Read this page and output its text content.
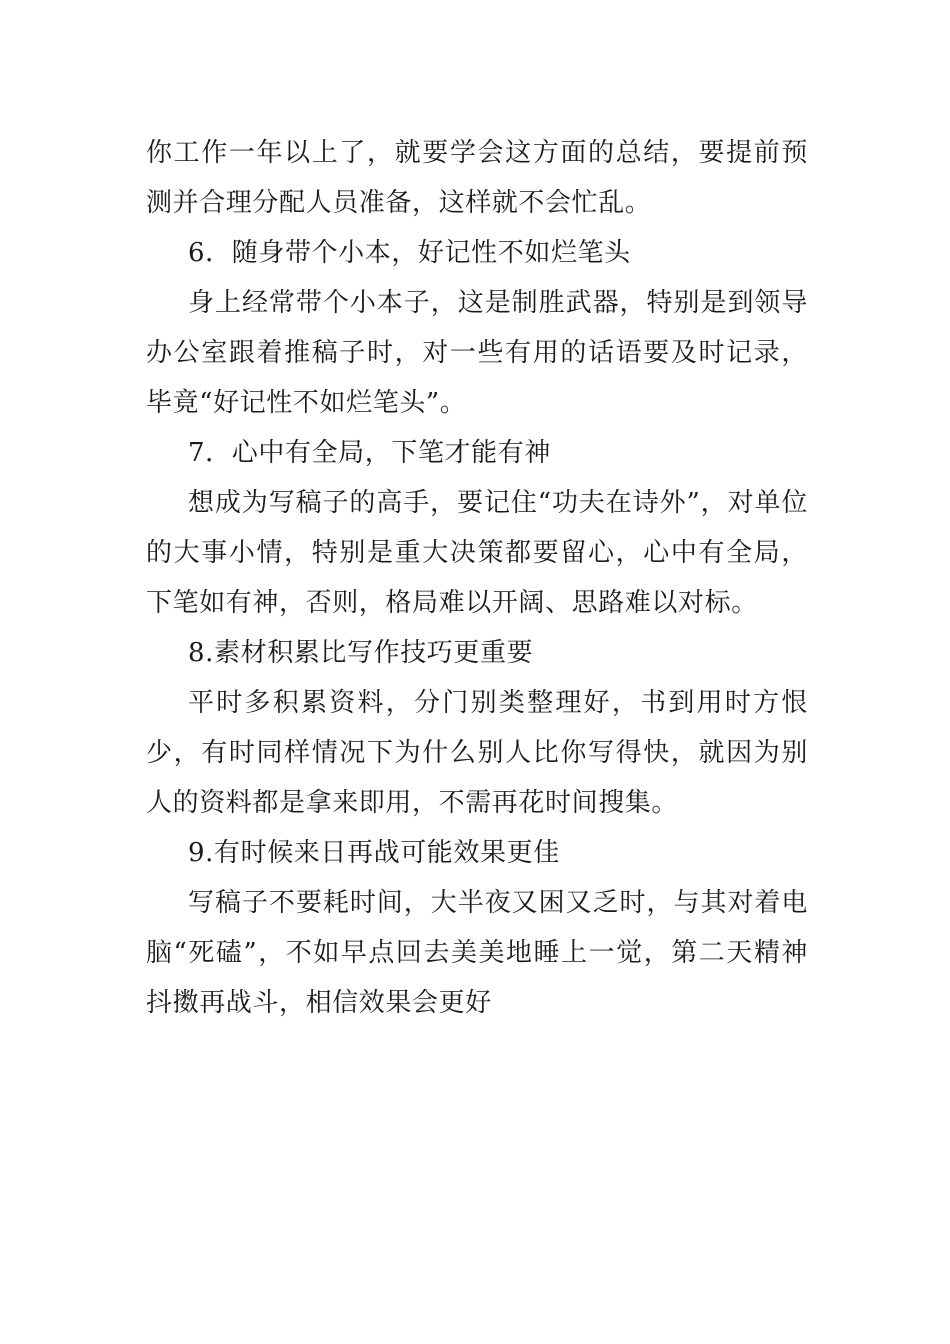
你工作一年以上了，就要学会这方面的总结，要提前预测并合理分配人员准备，这样就不会忙乱。

6．随身带个小本，好记性不如烂笔头

身上经常带个小本子，这是制胜武器，特别是到领导办公室跟着推稿子时，对一些有用的话语要及时记录，毕竟“好记性不如烂笔头”。

7．心中有全局，下笔才能有神

想成为写稿子的高手，要记住“功夫在诗外”，对单位的大事小情，特别是重大决策都要留心，心中有全局，下笔如有神，否则，格局难以开阔、思路难以对标。

8.素材积累比写作技巧更重要

平时多积累资料，分门别类整理好，书到用时方恨少，有时同样情况下为什么别人比你写得快，就因为别人的资料都是拿来即用，不需再花时间搜集。

9.有时候来日再战可能效果更佳

写稿子不要耗时间，大半夜又困又乏时，与其对着电脑“死磕”，不如早点回去美美地睡上一觉，第二天精神抖擞再战斗，相信效果会更好
